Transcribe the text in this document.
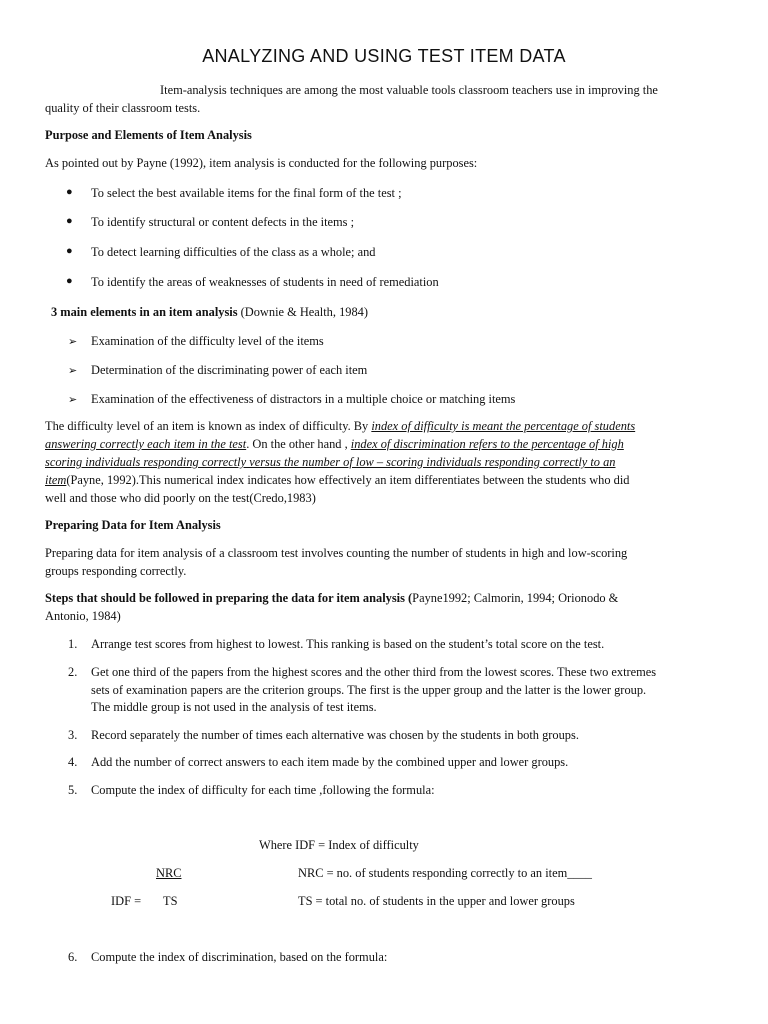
ANALYZING AND USING TEST ITEM DATA
Item-analysis techniques are among the most valuable tools classroom teachers use in improving the
quality of their classroom tests.
Purpose and Elements of Item Analysis
As pointed out by Payne (1992), item analysis is conducted for the following purposes:
● To select the best available items for the final form of the test ;
● To identify structural or content defects in the items ;
● To detect learning difficulties of the class as a whole; and
● To identify the areas of weaknesses of students in need of remediation
3 main elements in an item analysis (Downie & Health, 1984)
➢ Examination of the difficulty level of the items
➢ Determination of the discriminating power of each item
➢ Examination of the effectiveness of distractors in a multiple choice or matching items
The difficulty level of an item is known as index of difficulty. By index of difficulty is meant the percentage of students
answering correctly each item in the test. On the other hand , index of discrimination refers to the percentage of high
scoring individuals responding correctly versus the number of low – scoring individuals responding correctly to an
item(Payne, 1992).This numerical index indicates how effectively an item differentiates between the students who did
well and those who did poorly on the test(Credo,1983)
Preparing Data for Item Analysis
Preparing data for item analysis of a classroom test involves counting the number of students in high and low-scoring
groups responding correctly.
Steps that should be followed in preparing the data for item analysis (Payne1992; Calmorin, 1994; Orionodo &
Antonio, 1984)
1. Arrange test scores from highest to lowest. This ranking is based on the student’s total score on the test.
2. Get one third of the papers from the highest scores and the other third from the lowest scores. These two extremes
sets of examination papers are the criterion groups. The first is the upper group and the latter is the lower group.
The middle group is not used in the analysis of test items.
3. Record separately the number of times each alternative was chosen by the students in both groups.
4. Add the number of correct answers to each item made by the combined upper and lower groups.
5. Compute the index of difficulty for each time ,following the formula:
Where IDF = Index of difficulty
NRC	NRC = no. of students responding correctly to an item____
IDF = TS	TS = total no. of students in the upper and lower groups
6. Compute the index of discrimination, based on the formula:
